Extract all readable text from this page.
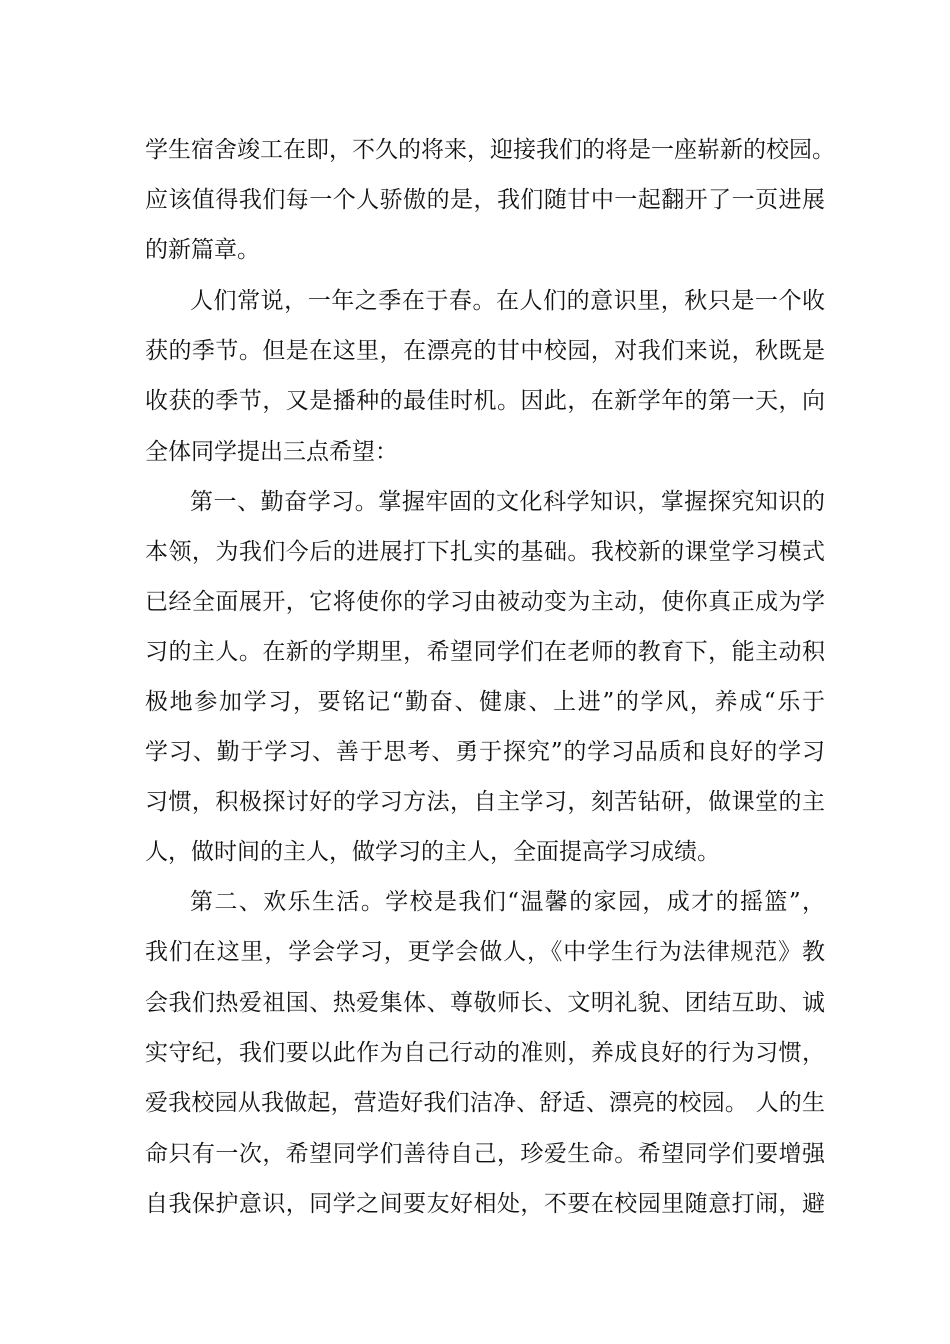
学生宿舍竣工在即，不久的将来，迎接我们的将是一座崭新的校园。
应该值得我们每一个人骄傲的是，我们随甘中一起翻开了一页进展
的新篇章。
人们常说，一年之季在于春。在人们的意识里，秋只是一个收
获的季节。但是在这里，在漂亮的甘中校园，对我们来说，秋既是
收获的季节，又是播种的最佳时机。因此，在新学年的第一天，向
全体同学提出三点希望：
第一、勤奋学习。掌握牢固的文化科学知识，掌握探究知识的
本领，为我们今后的进展打下扎实的基础。我校新的课堂学习模式
已经全面展开，它将使你的学习由被动变为主动，使你真正成为学
习的主人。在新的学期里，希望同学们在老师的教育下，能主动积
极地参加学习，要铭记“勤奋、健康、上进”的学风，养成“乐于
学习、勤于学习、善于思考、勇于探究”的学习品质和良好的学习
习惯，积极探讨好的学习方法，自主学习，刻苦钻研，做课堂的主
人，做时间的主人，做学习的主人，全面提高学习成绩。
第二、欢乐生活。学校是我们“温馨的家园，成才的摇篮”，
我们在这里，学会学习，更学会做人，《中学生行为法律规范》教
会我们热爱祖国、热爱集体、尊敬师长、文明礼貌、团结互助、诚
实守纪，我们要以此作为自己行动的准则，养成良好的行为习惯，
爱我校园从我做起，营造好我们洁净、舒适、漂亮的校园。 人的生
命只有一次，希望同学们善待自己，珍爱生命。希望同学们要增强
自我保护意识，同学之间要友好相处，不要在校园里随意打闹，避
